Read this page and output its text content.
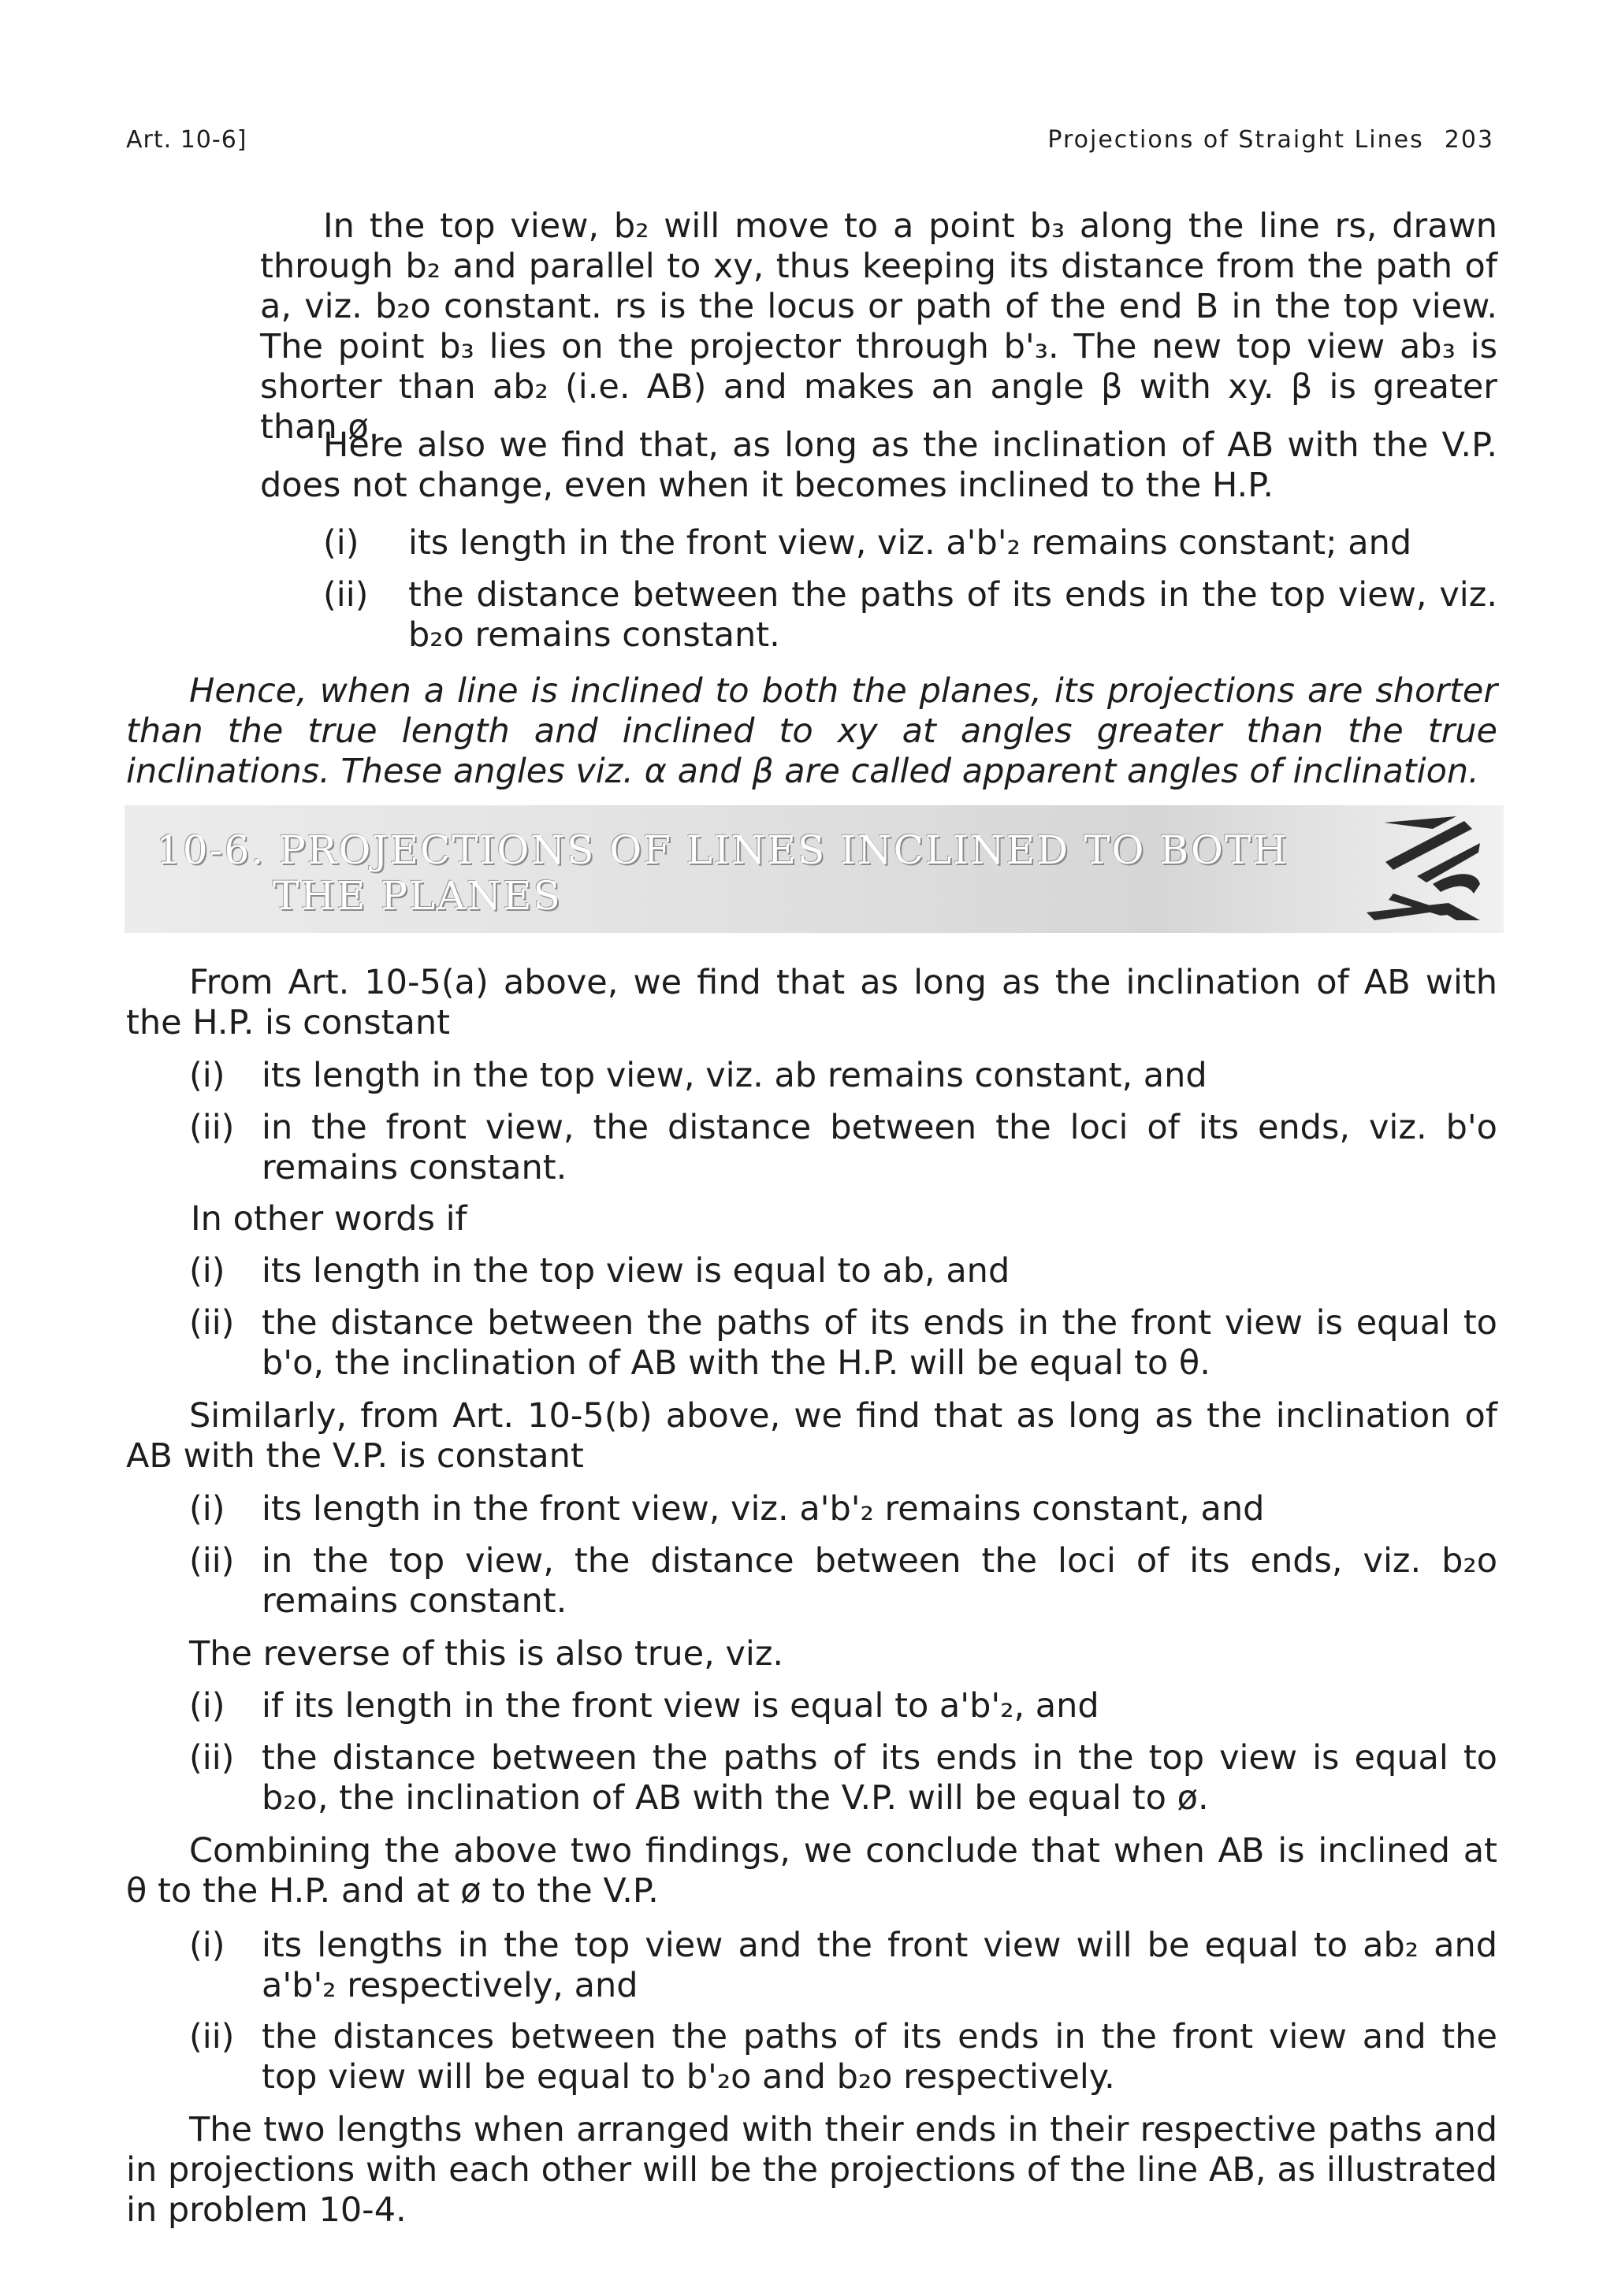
Art. 10-6]	Projections of Straight Lines 203

In the top view, b₂ will move to a point b₃ along the line rs, drawn through b₂ and parallel to xy, thus keeping its distance from the path of a, viz. b₂o constant. rs is the locus or path of the end B in the top view. The point b₃ lies on the projector through b'₃. The new top view ab₃ is shorter than ab₂ (i.e. AB) and makes an angle β with xy. β is greater than ø.

Here also we find that, as long as the inclination of AB with the V.P. does not change, even when it becomes inclined to the H.P.

(i) its length in the front view, viz. a'b'₂ remains constant; and
(ii) the distance between the paths of its ends in the top view, viz. b₂o remains constant.

Hence, when a line is inclined to both the planes, its projections are shorter than the true length and inclined to xy at angles greater than the true inclinations. These angles viz. α and β are called apparent angles of inclination.

10-6. PROJECTIONS OF LINES INCLINED TO BOTH
THE PLANES

From Art. 10-5(a) above, we find that as long as the inclination of AB with the H.P. is constant

(i) its length in the top view, viz. ab remains constant, and
(ii) in the front view, the distance between the loci of its ends, viz. b'o remains constant.

In other words if

(i) its length in the top view is equal to ab, and
(ii) the distance between the paths of its ends in the front view is equal to b'o, the inclination of AB with the H.P. will be equal to θ.

Similarly, from Art. 10-5(b) above, we find that as long as the inclination of AB with the V.P. is constant

(i) its length in the front view, viz. a'b'₂ remains constant, and
(ii) in the top view, the distance between the loci of its ends, viz. b₂o remains constant.

The reverse of this is also true, viz.

(i) if its length in the front view is equal to a'b'₂, and
(ii) the distance between the paths of its ends in the top view is equal to b₂o, the inclination of AB with the V.P. will be equal to ø.

Combining the above two findings, we conclude that when AB is inclined at θ to the H.P. and at ø to the V.P.

(i) its lengths in the top view and the front view will be equal to ab₂ and a'b'₂ respectively, and
(ii) the distances between the paths of its ends in the front view and the top view will be equal to b'₂o and b₂o respectively.

The two lengths when arranged with their ends in their respective paths and in projections with each other will be the projections of the line AB, as illustrated in problem 10-4.
